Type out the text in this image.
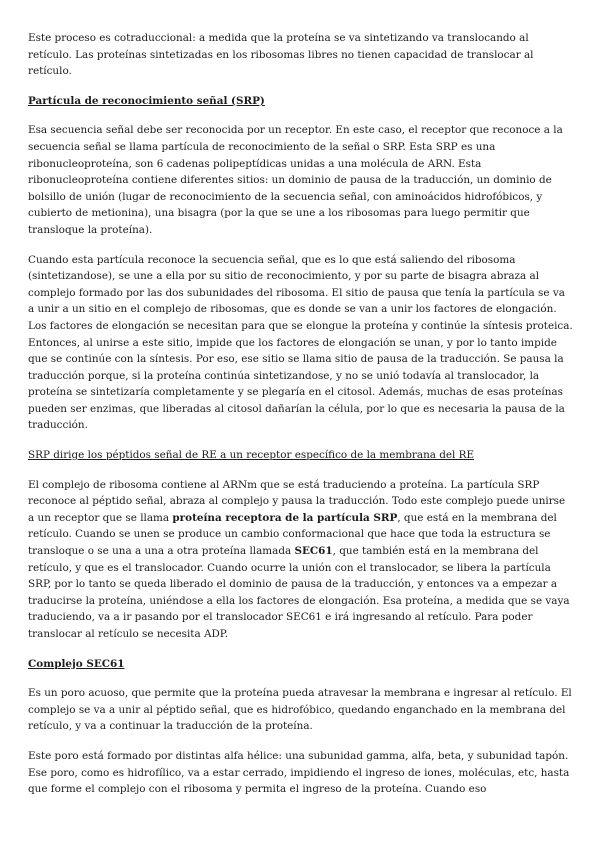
Este proceso es cotraduccional: a medida que la proteína se va sintetizando va translocando al retículo. Las proteínas sintetizadas en los ribosomas libres no tienen capacidad de translocar al retículo.

Partícula de reconocimiento señal (SRP)

Esa secuencia señal debe ser reconocida por un receptor. En este caso, el receptor que reconoce a la secuencia señal se llama partícula de reconocimiento de la señal o SRP. Esta SRP es una ribonucleoproteína, son 6 cadenas polipeptídicas unidas a una molécula de ARN. Esta ribonucleoproteína contiene diferentes sitios: un dominio de pausa de la traducción, un dominio de bolsillo de unión (lugar de reconocimiento de la secuencia señal, con aminoácidos hidrofóbicos, y cubierto de metionina), una bisagra (por la que se une a los ribosomas para luego permitir que transloque la proteína).

Cuando esta partícula reconoce la secuencia señal, que es lo que está saliendo del ribosoma (sintetizandose), se une a ella por su sitio de reconocimiento, y por su parte de bisagra abraza al complejo formado por las dos subunidades del ribosoma. El sitio de pausa que tenía la partícula se va a unir a un sitio en el complejo de ribosomas, que es donde se van a unir los factores de elongación. Los factores de elongación se necesitan para que se elongue la proteína y continúe la síntesis proteica. Entonces, al unirse a este sitio, impide que los factores de elongación se unan, y por lo tanto impide que se continúe con la síntesis. Por eso, ese sitio se llama sitio de pausa de la traducción. Se pausa la traducción porque, si la proteína continúa sintetizandose, y no se unió todavía al translocador, la proteína se sintetizaría completamente y se plegaría en el citosol. Además, muchas de esas proteínas pueden ser enzimas, que liberadas al citosol dañarían la célula, por lo que es necesaria la pausa de la traducción.

SRP dirige los péptidos señal de RE a un receptor específico de la membrana del RE

El complejo de ribosoma contiene al ARNm que se está traduciendo a proteína. La partícula SRP reconoce al péptido señal, abraza al complejo y pausa la traducción. Todo este complejo puede unirse a un receptor que se llama proteína receptora de la partícula SRP, que está en la membrana del retículo. Cuando se unen se produce un cambio conformacional que hace que toda la estructura se transloque o se una a una a otra proteína llamada SEC61, que también está en la membrana del retículo, y que es el translocador. Cuando ocurre la unión con el translocador, se libera la partícula SRP, por lo tanto se queda liberado el dominio de pausa de la traducción, y entonces va a empezar a traducirse la proteína, uniéndose a ella los factores de elongación. Esa proteína, a medida que se vaya traduciendo, va a ir pasando por el translocador SEC61 e irá ingresando al retículo. Para poder translocar al retículo se necesita ADP.

Complejo SEC61

Es un poro acuoso, que permite que la proteína pueda atravesar la membrana e ingresar al retículo. El complejo se va a unir al péptido señal, que es hidrofóbico, quedando enganchado en la membrana del retículo, y va a continuar la traducción de la proteína.

Este poro está formado por distintas alfa hélice: una subunidad gamma, alfa, beta, y subunidad tapón. Ese poro, como es hidrofílico, va a estar cerrado, impidiendo el ingreso de iones, moléculas, etc, hasta que forme el complejo con el ribosoma y permita el ingreso de la proteína. Cuando eso
